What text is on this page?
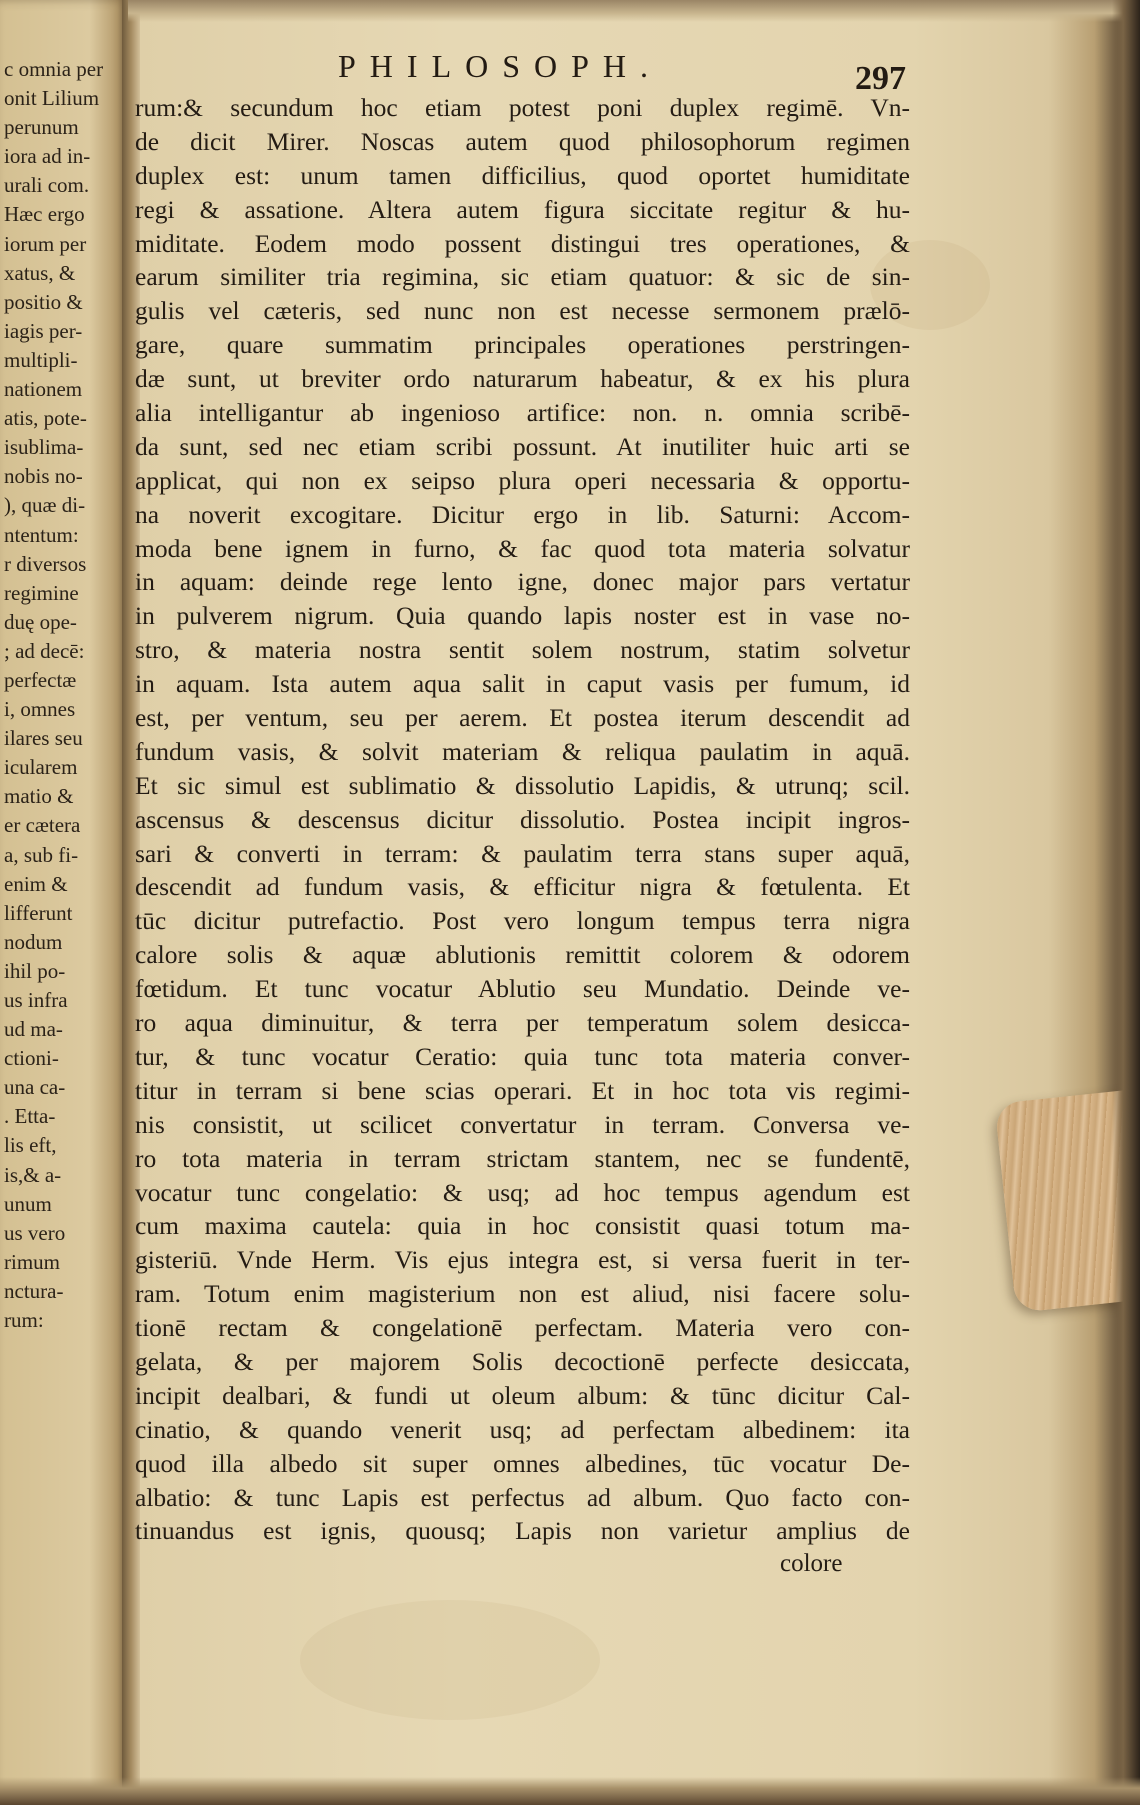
c omnia per
onit Lilium
perunum
iora ad in-
urali com.
Hæc ergo
iorum per
xatus, &
positio &
iagis per-
multipli-
nationem
atis, pote-
isublima-
nobis no-
), quæ di-
ntentum:
r diversos
regimine
duę ope-
; ad decē:
perfectæ
i, omnes
ilares seu
icularem
matio &
er cætera
a, sub fi-
enim &
lifferunt
nodum
ihil po-
us infra
ud ma-
ctioni-
una ca-
. Etta-
lis eft,
is,& a-
unum
us vero
rimum
nctura-
rum:
PHILOSOPH.	297
rum:& secundum hoc etiam potest poni duplex regimē. Vn-
de dicit Mirer. Noscas autem quod philosophorum regimen
duplex est: unum tamen difficilius, quod oportet humiditate
regi & assatione. Altera autem figura siccitate regitur & hu-
miditate. Eodem modo possent distingui tres operationes, &
earum similiter tria regimina, sic etiam quatuor: & sic de sin-
gulis vel cæteris, sed nunc non est necesse sermonem prælō-
gare, quare summatim principales operationes perstringen-
dæ sunt, ut breviter ordo naturarum habeatur, & ex his plura
alia intelligantur ab ingenioso artifice: non. n. omnia scribē-
da sunt, sed nec etiam scribi possunt. At inutiliter huic arti se
applicat, qui non ex seipso plura operi necessaria & opportu-
na noverit excogitare. Dicitur ergo in lib. Saturni: Accom-
moda bene ignem in furno, & fac quod tota materia solvatur
in aquam: deinde rege lento igne, donec major pars vertatur
in pulverem nigrum. Quia quando lapis noster est in vase no-
stro, & materia nostra sentit solem nostrum, statim solvetur
in aquam. Ista autem aqua salit in caput vasis per fumum, id
est, per ventum, seu per aerem. Et postea iterum descendit ad
fundum vasis, & solvit materiam & reliqua paulatim in aquā.
Et sic simul est sublimatio & dissolutio Lapidis, & utrunq; scil.
ascensus & descensus dicitur dissolutio. Postea incipit ingros-
sari & converti in terram: & paulatim terra stans super aquā,
descendit ad fundum vasis, & efficitur nigra & fœtulenta. Et
tūc dicitur putrefactio. Post vero longum tempus terra nigra
calore solis & aquæ ablutionis remittit colorem & odorem
fœtidum. Et tunc vocatur Ablutio seu Mundatio. Deinde ve-
ro aqua diminuitur, & terra per temperatum solem desicca-
tur, & tunc vocatur Ceratio: quia tunc tota materia conver-
titur in terram si bene scias operari. Et in hoc tota vis regimi-
nis consistit, ut scilicet convertatur in terram. Conversa ve-
ro tota materia in terram strictam stantem, nec se fundentē,
vocatur tunc congelatio: & usq; ad hoc tempus agendum est
cum maxima cautela: quia in hoc consistit quasi totum ma-
gisteriū. Vnde Herm. Vis ejus integra est, si versa fuerit in ter-
ram. Totum enim magisterium non est aliud, nisi facere solu-
tionē rectam & congelationē perfectam. Materia vero con-
gelata, & per majorem Solis decoctionē perfecte desiccata,
incipit dealbari, & fundi ut oleum album: & tūnc dicitur Cal-
cinatio, & quando venerit usq; ad perfectam albedinem: ita
quod illa albedo sit super omnes albedines, tūc vocatur De-
albatio: & tunc Lapis est perfectus ad album. Quo facto con-
tinuandus est ignis, quousq; Lapis non varietur amplius de
colore
